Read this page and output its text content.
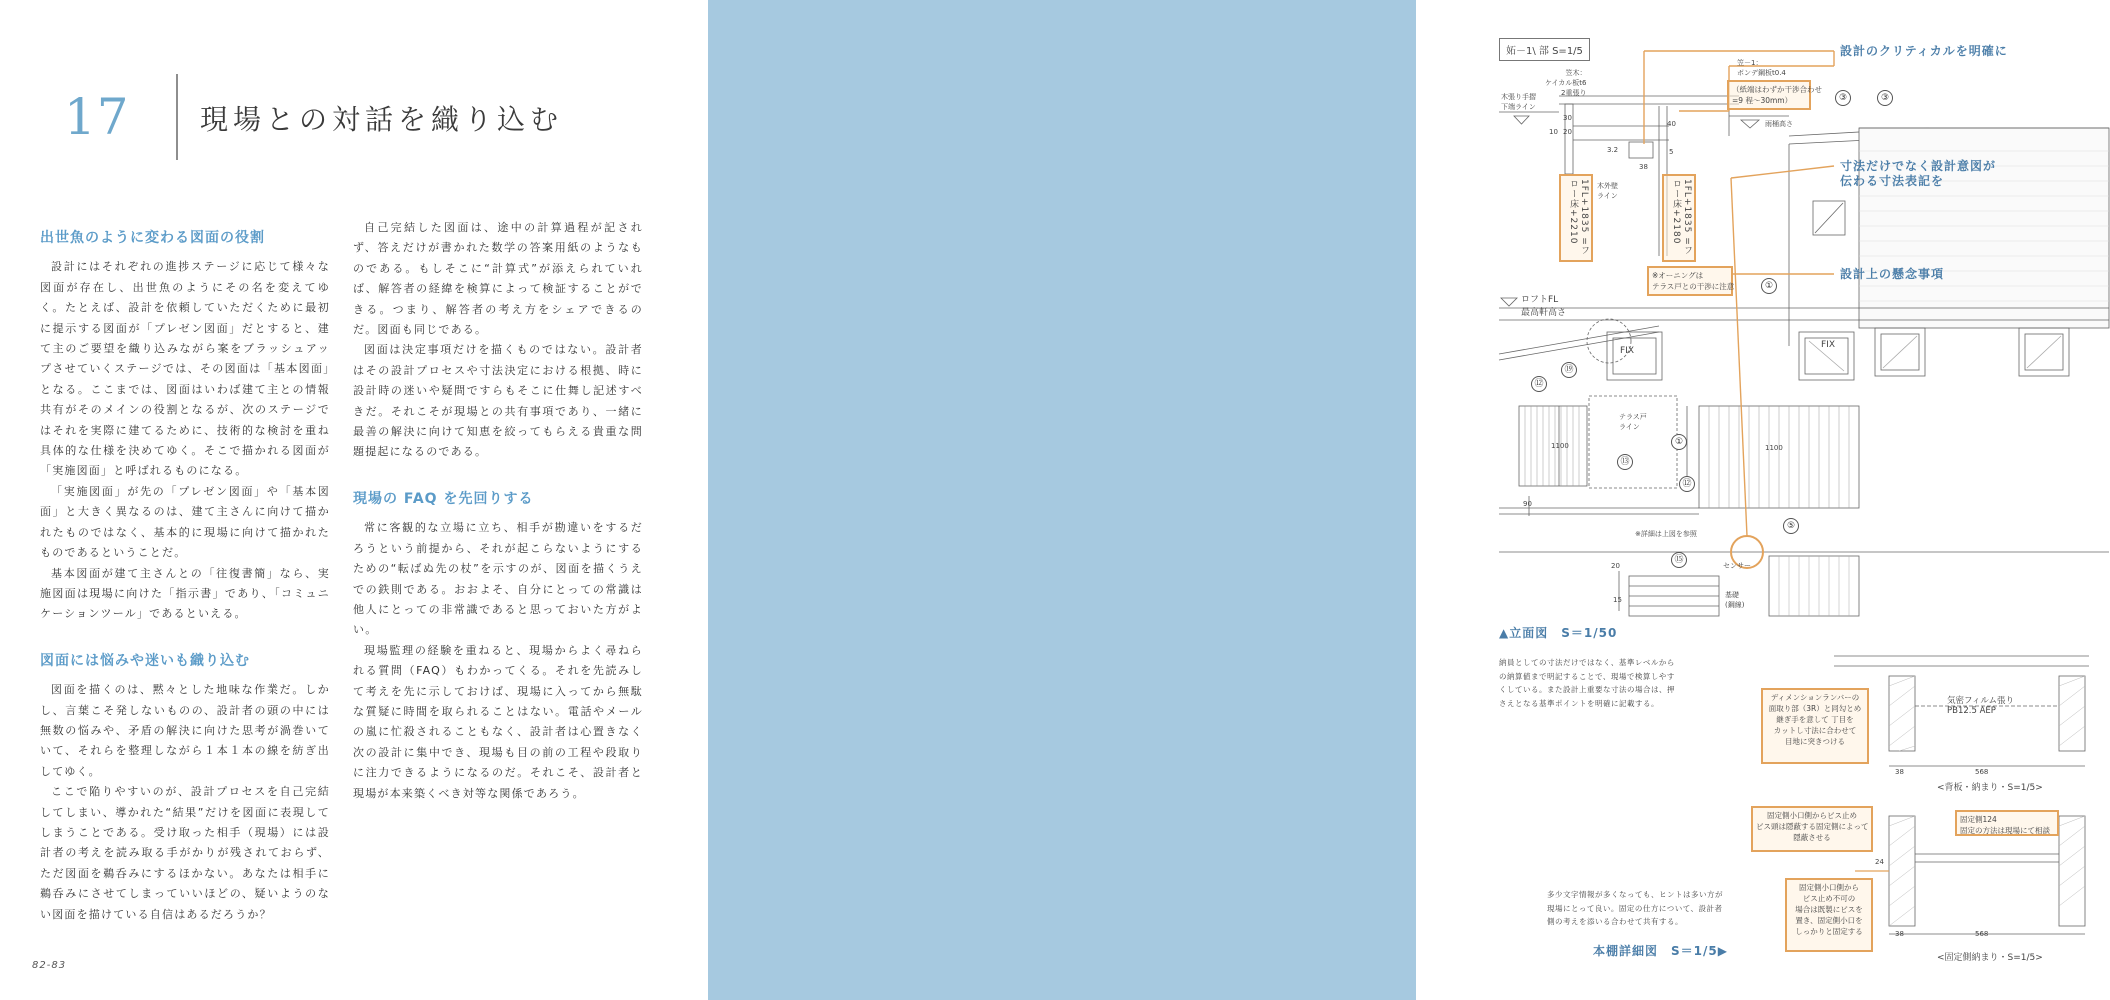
17	現場との対話を織り込む
出世魚のように変わる図面の役割

設計にはそれぞれの進捗ステージに応じて様々な図面が存在し、出世魚のようにその名を変えてゆく。たとえば、設計を依頼していただくために最初に提示する図面が「プレゼン図面」だとすると、建て主のご要望を織り込みながら案をブラッシュアップさせていくステージでは、その図面は「基本図面」となる。ここまでは、図面はいわば建て主との情報共有がそのメインの役割となるが、次のステージではそれを実際に建てるために、技術的な検討を重ね具体的な仕様を決めてゆく。そこで描かれる図面が「実施図面」と呼ばれるものになる。

「実施図面」が先の「プレゼン図面」や「基本図面」と大きく異なるのは、建て主さんに向けて描かれたものではなく、基本的に現場に向けて描かれたものであるということだ。

基本図面が建て主さんとの「往復書簡」なら、実施図面は現場に向けた「指示書」であり、「コミュニケーションツール」であるといえる。

図面には悩みや迷いも織り込む

図面を描くのは、黙々とした地味な作業だ。しかし、言葉こそ発しないものの、設計者の頭の中には無数の悩みや、矛盾の解決に向けた思考が渦巻いていて、それらを整理しながら１本１本の線を紡ぎ出してゆく。

ここで陥りやすいのが、設計プロセスを自己完結してしまい、導かれた“結果”だけを図面に表現してしまうことである。受け取った相手（現場）には設計者の考えを読み取る手がかりが残されておらず、ただ図面を鵜呑みにするほかない。あなたは相手に鵜呑みにさせてしまっていいほどの、疑いようのない図面を描けている自信はあるだろうか？

自己完結した図面は、途中の計算過程が記されず、答えだけが書かれた数学の答案用紙のようなものである。もしそこに“計算式”が添えられていれば、解答者の経緯を検算によって検証することができる。つまり、解答者の考え方をシェアできるのだ。図面も同じである。

図面は決定事項だけを描くものではない。設計者はその設計プロセスや寸法決定における根拠、時に設計時の迷いや疑問ですらもそこに仕舞し記述すべきだ。それこそが現場との共有事項であり、一緒に最善の解決に向けて知恵を絞ってもらえる貴重な問題提起になるのである。

現場の FAQ を先回りする

常に客観的な立場に立ち、相手が勘違いをするだろうという前提から、それが起こらないようにするための“転ばぬ先の杖”を示すのが、図面を描くうえでの鉄則である。おおよそ、自分にとっての常識は他人にとっての非常識であると思っておいた方がよい。

現場監理の経験を重ねると、現場からよく尋ねられる質問（FAQ）もわかってくる。それを先読みして考えを先に示しておけば、現場に入ってから無駄な質疑に時間を取られることはない。電話やメールの嵐に忙殺されることもなく、設計者は心置きなく次の設計に集中でき、現場も目の前の工程や段取りに注力できるようになるのだ。それこそ、設計者と現場が本来築くべき対等な関係であろう。

82-83
妬－1\ 部 S=1/5	設計のクリティカルを明確に
寸法だけでなく設計意図が
伝わる寸法表記を
設計上の懸念事項
（紙端はわずか干渉合わせ
=9 程～30mm）
1FL+1835 =フロー床+2210	1FL+1835 =フロー床+2180
※オーニングは
テラス戸との干渉に注意
ディメンションランバーの
面取り部（3R）と同勾とめ
継ぎ手を意して 丁目を
カットし寸法に合わせて
目地に突きつける
固定側小口側からビス止め
ビス頭は隠蔽する固定側によって
隠蔽させる
固定側小口側から
ビス止め不可の
場合は既製にビスを
置き、固定側小口を
しっかりと固定する
固定側124
固定の方法は現場にて相談
木張り手摺
下端ライン
笠木：
ケイカル板t6
2重張り
笠－1：
ボンデ鋼板t0.4
雨桶高さ
木外壁
ライン
ロフトFL
最高軒高さ
テラス戸
ライン
※詳細は上図を参照
センサー
基礎
(鋼線)
気密フィルム張り
PB12.5 AEP
FIX
FIX
10 20
30
3.2
40
5
38
1100	1100
90
20
15
38	568
24
38	568
③	③
①
⑫
⑲
①
⑬
⑫
⑤
⑮
▲立面図　S＝1/50
納員としての寸法だけではなく、基準レベルから
の納算値まで明記することで、現場で検算しやす
くしている。また設計上重要な寸法の場合は、押
さえとなる基準ポイントを明確に記載する。
多少文字情報が多くなっても、ヒントは多い方が
現場にとって良い。固定の仕方について、設計者
側の考えを添いる合わせて共有する。
本棚詳細図　S＝1/5▶
<背板・納まり・S=1/5>
<固定側納まり・S=1/5>
